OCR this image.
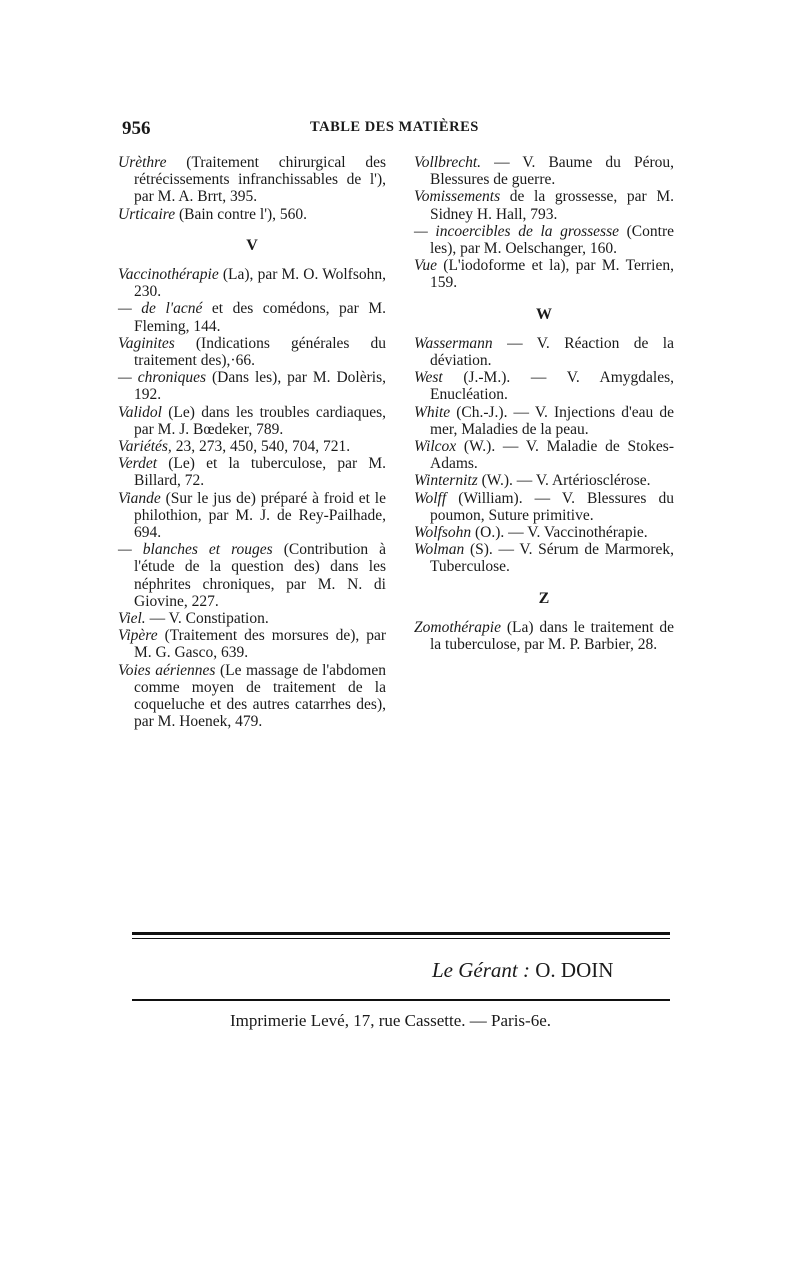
956	TABLE DES MATIÈRES

Urèthre (Traitement chirurgical des rétrécissements infranchissables de l'), par M. A. Brrt, 395.

Urticaire (Bain contre l'), 560.

V

Vaccinothérapie (La), par M. O. Wolfsohn, 230.

— de l'acné et des comédons, par M. Fleming, 144.

Vaginites (Indications générales du traitement des),·66.

— chroniques (Dans les), par M. Dolèris, 192.

Validol (Le) dans les troubles cardiaques, par M. J. Bœdeker, 789.

Variétés, 23, 273, 450, 540, 704, 721.

Verdet (Le) et la tuberculose, par M. Billard, 72.

Viande (Sur le jus de) préparé à froid et le philothion, par M. J. de Rey-Pailhade, 694.

— blanches et rouges (Contribution à l'étude de la question des) dans les néphrites chroniques, par M. N. di Giovine, 227.

Viel. — V. Constipation.

Vipère (Traitement des morsures de), par M. G. Gasco, 639.

Voies aériennes (Le massage de l'abdomen comme moyen de traitement de la coqueluche et des autres catarrhes des), par M. Hoenek, 479.

Vollbrecht. — V. Baume du Pérou, Blessures de guerre.

Vomissements de la grossesse, par M. Sidney H. Hall, 793.

— incoercibles de la grossesse (Contre les), par M. Oelschanger, 160.

Vue (L'iodoforme et la), par M. Terrien, 159.

W

Wassermann — V. Réaction de la déviation.

West (J.-M.). — V. Amygdales, Enucléation.

White (Ch.-J.). — V. Injections d'eau de mer, Maladies de la peau.

Wilcox (W.). — V. Maladie de Stokes-Adams.

Winternitz (W.). — V. Artériosclérose.

Wolff (William). — V. Blessures du poumon, Suture primitive.

Wolfsohn (O.). — V. Vaccinothérapie.

Wolman (S). — V. Sérum de Marmorek, Tuberculose.

Z

Zomothérapie (La) dans le traitement de la tuberculose, par M. P. Barbier, 28.

Le Gérant : O. DOIN
Imprimerie Levé, 17, rue Cassette. — Paris-6e.
